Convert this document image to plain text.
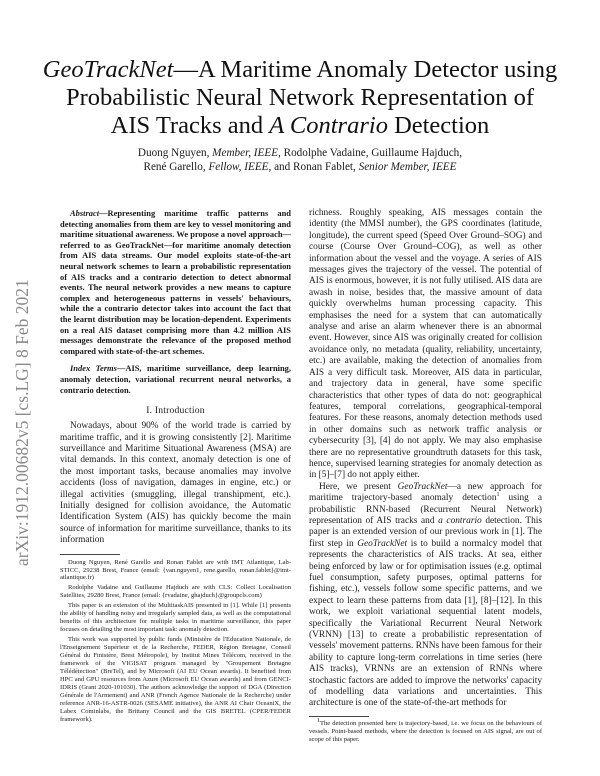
arXiv:1912.00682v5 [cs.LG] 8 Feb 2021
GeoTrackNet—A Maritime Anomaly Detector using
Probabilistic Neural Network Representation of
AIS Tracks and A Contrario Detection
Duong Nguyen, Member, IEEE, Rodolphe Vadaine, Guillaume Hajduch,
René Garello, Fellow, IEEE, and Ronan Fablet, Senior Member, IEEE

Abstract—Representing maritime traffic patterns and detecting anomalies from them are key to vessel monitoring and maritime situational awareness. We propose a novel approach—referred to as GeoTrackNet—for maritime anomaly detection from AIS data streams. Our model exploits state-of-the-art neural network schemes to learn a probabilistic representation of AIS tracks and a contrario detection to detect abnormal events. The neural network provides a new means to capture complex and heterogeneous patterns in vessels' behaviours, while the a contrario detector takes into account the fact that the learnt distribution may be location-dependent. Experiments on a real AIS dataset comprising more than 4.2 million AIS messages demonstrate the relevance of the proposed method compared with state-of-the-art schemes.

Index Terms—AIS, maritime surveillance, deep learning, anomaly detection, variational recurrent neural networks, a contrario detection.

I. Introduction

Nowadays, about 90% of the world trade is carried by maritime traffic, and it is growing consistently [2]. Maritime surveillance and Maritime Situational Awareness (MSA) are vital demands. In this context, anomaly detection is one of the most important tasks, because anomalies may involve accidents (loss of navigation, damages in engine, etc.) or illegal activities (smuggling, illegal transhipment, etc.). Initially designed for collision avoidance, the Automatic Identification System (AIS) has quickly become the main source of information for maritime surveillance, thanks to its information

Duong Nguyen, René Garello and Ronan Fablet are with IMT Atlantique, Lab-STICC, 29238 Brest, France (email: {van.nguyen1, rene.garello, ronan.fablet}@imt-atlantique.fr)

Rodolphe Vadaine and Guillaume Hajduch are with CLS: Collect Localisation Satellites, 29280 Brest, France (email: {rvadaine, ghajduch}@groupcls.com)

This paper is an extension of the MultitaskAIS presented in [1]. While [1] presents the ability of handling noisy and irregularly sampled data, as well as the computational benefits of this architecture for multiple tasks in maritime surveillance, this paper focuses on detailing the most important task: anomaly detection.

This work was supported by public funds (Ministère de l'Education Nationale, de l'Enseignement Supérieur et de la Recherche, FEDER, Région Bretagne, Conseil Général du Finistère, Brest Métropole), by Institut Mines Télécom, received in the framework of the VIGISAT program managed by "Groupement Bretagne Télédétection" (BreTel), and by Microsoft (AI EU Ocean awards). It benefited from HPC and GPU resources from Azure (Microsoft EU Ocean awards) and from GENCI-IDRIS (Grant 2020-101030). The authors acknowledge the support of DGA (Direction Générale de l'Armement) and ANR (French Agence Nationale de la Recherche) under reference ANR-16-ASTR-0026 (SESAME initiative), the ANR AI Chair OceaniX, the Labex Cominlabs, the Brittany Council and the GIS BRETEL (CPER/FEDER framework).

richness. Roughly speaking, AIS messages contain the identity (the MMSI number), the GPS coordinates (latitude, longitude), the current speed (Speed Over Ground–SOG) and course (Course Over Ground–COG), as well as other information about the vessel and the voyage. A series of AIS messages gives the trajectory of the vessel. The potential of AIS is enormous, however, it is not fully utilised. AIS data are awash in noise, besides that, the massive amount of data quickly overwhelms human processing capacity. This emphasises the need for a system that can automatically analyse and arise an alarm whenever there is an abnormal event. However, since AIS was originally created for collision avoidance only, no metadata (quality, reliability, uncertainty, etc.) are available, making the detection of anomalies from AIS a very difficult task. Moreover, AIS data in particular, and trajectory data in general, have some specific characteristics that other types of data do not: geographical features, temporal correlations, geographical-temporal features. For these reasons, anomaly detection methods used in other domains such as network traffic analysis or cybersecurity [3], [4] do not apply. We may also emphasise there are no representative groundtruth datasets for this task, hence, supervised learning strategies for anomaly detection as in [5]–[7] do not apply either.

Here, we present GeoTrackNet—a new approach for maritime trajectory-based anomaly detection$^1$ using a probabilistic RNN-based (Recurrent Neural Network) representation of AIS tracks and a contrario detection. This paper is an extended version of our previous work in [1]. The first step in GeoTrackNet is to build a normalcy model that represents the characteristics of AIS tracks. At sea, either being enforced by law or for optimisation issues (e.g. optimal fuel consumption, safety purposes, optimal patterns for fishing, etc.), vessels follow some specific patterns, and we expect to learn these patterns from data [1], [8]–[12]. In this work, we exploit variational sequential latent models, specifically the Variational Recurrent Neural Network (VRNN) [13] to create a probabilistic representation of vessels' movement patterns. RNNs have been famous for their ability to capture long-term correlations in time series (here AIS tracks), VRNNs are an extension of RNNs where stochastic factors are added to improve the networks' capacity of modelling data variations and uncertainties. This architecture is one of the state-of-the-art methods for

$^1$The detection presented here is trajectory-based, i.e. we focus on the behaviours of vessels. Point-based methods, where the detection is focused on AIS signal, are out of scope of this paper.
